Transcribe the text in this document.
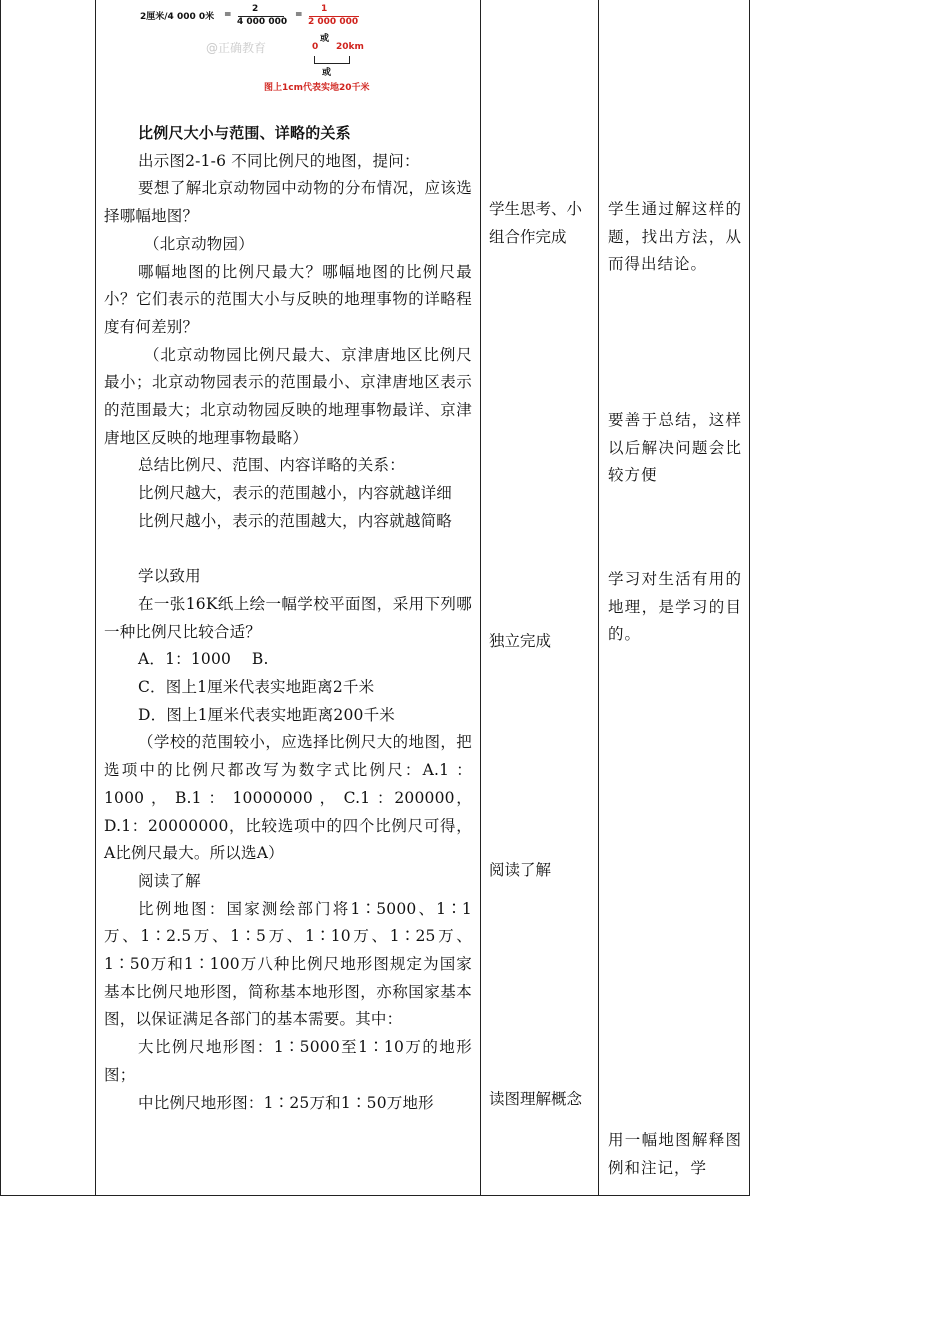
2厘米/4 000 0米 =
2
4 000 000
=
1
2 000 000
或
@正确教育	0 20km
或
图上1cm代表实地20千米

比例尺大小与范围、详略的关系

出示图2-1-6 不同比例尺的地图，提问：

要想了解北京动物园中动物的分布情况，应该选择哪幅地图？

（北京动物园）

哪幅地图的比例尺最大？哪幅地图的比例尺最小？它们表示的范围大小与反映的地理事物的详略程度有何差别？

（北京动物园比例尺最大、京津唐地区比例尺最小；北京动物园表示的范围最小、京津唐地区表示的范围最大；北京动物园反映的地理事物最详、京津唐地区反映的地理事物最略）

总结比例尺、范围、内容详略的关系：

比例尺越大，表示的范围越小，内容就越详细

比例尺越小，表示的范围越大，内容就越简略

学以致用

在一张16K纸上绘一幅学校平面图，采用下列哪一种比例尺比较合适？

A．1：1000　 B.

C．图上1厘米代表实地距离2千米

D．图上1厘米代表实地距离200千米

（学校的范围较小，应选择比例尺大的地图，把选项中的比例尺都改写为数字式比例尺：A.1 ： 1000 ， B.1 ： 10000000 ， C.1 ：200000，D.1：20000000，比较选项中的四个比例尺可得，A比例尺最大。所以选A）

阅读了解

比例地图：国家测绘部门将1∶5000、1∶1万、1∶2.5万、1∶5万、1∶10万、1∶25万、1∶50万和1∶100万八种比例尺地形图规定为国家基本比例尺地形图，简称基本地形图，亦称国家基本图，以保证满足各部门的基本需要。其中：

大比例尺地形图：1∶5000至1∶10万的地形图；

中比例尺地形图：1∶25万和1∶50万地形

学生思考、小组合作完成
独立完成
阅读了解
读图理解概念
学生通过解这样的题，找出方法，从而得出结论。
要善于总结，这样以后解决问题会比较方便
学习对生活有用的地理，是学习的目的。
用一幅地图解释图例和注记，学
